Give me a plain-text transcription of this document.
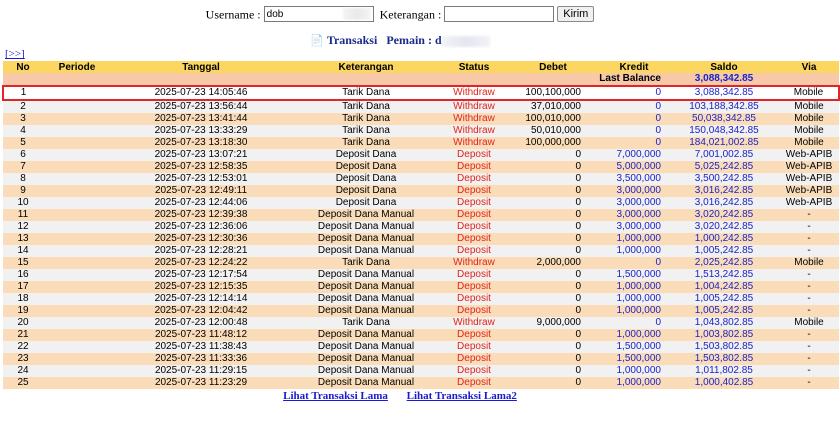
Username : dob	Keterangan :	Kirim
📄 Transaksi Pemain : d
[>>]
No	Periode	Tanggal	Keterangan	Status	Debet	Kredit	Saldo	Via
Last Balance							3,088,342.85	
1		2025-07-23 14:05:46	Tarik Dana	Withdraw	100,100,000	0	3,088,342.85	Mobile
2		2025-07-23 13:56:44	Tarik Dana	Withdraw	37,010,000	0	103,188,342.85	Mobile
3		2025-07-23 13:41:44	Tarik Dana	Withdraw	100,010,000	0	50,038,342.85	Mobile
4		2025-07-23 13:33:29	Tarik Dana	Withdraw	50,010,000	0	150,048,342.85	Mobile
5		2025-07-23 13:18:30	Tarik Dana	Withdraw	100,000,000	0	184,021,002.85	Mobile
6		2025-07-23 13:07:21	Deposit Dana	Deposit	0	7,000,000	7,001,002.85	Web-APIB
7		2025-07-23 12:58:35	Deposit Dana	Deposit	0	5,000,000	5,025,242.85	Web-APIB
8		2025-07-23 12:53:01	Deposit Dana	Deposit	0	3,500,000	3,500,242.85	Web-APIB
9		2025-07-23 12:49:11	Deposit Dana	Deposit	0	3,000,000	3,016,242.85	Web-APIB
10		2025-07-23 12:44:06	Deposit Dana	Deposit	0	3,000,000	3,016,242.85	Web-APIB
11		2025-07-23 12:39:38	Deposit Dana Manual	Deposit	0	3,000,000	3,020,242.85	-
12		2025-07-23 12:36:06	Deposit Dana Manual	Deposit	0	3,000,000	3,020,242.85	-
13		2025-07-23 12:30:36	Deposit Dana Manual	Deposit	0	1,000,000	1,000,242.85	-
14		2025-07-23 12:28:21	Deposit Dana Manual	Deposit	0	1,000,000	1,005,242.85	-
15		2025-07-23 12:24:22	Tarik Dana	Withdraw	2,000,000	0	2,025,242.85	Mobile
16		2025-07-23 12:17:54	Deposit Dana Manual	Deposit	0	1,500,000	1,513,242.85	-
17		2025-07-23 12:15:35	Deposit Dana Manual	Deposit	0	1,000,000	1,004,242.85	-
18		2025-07-23 12:14:14	Deposit Dana Manual	Deposit	0	1,000,000	1,005,242.85	-
19		2025-07-23 12:04:42	Deposit Dana Manual	Deposit	0	1,000,000	1,005,242.85	-
20		2025-07-23 12:00:48	Tarik Dana	Withdraw	9,000,000	0	1,043,802.85	Mobile
21		2025-07-23 11:48:12	Deposit Dana Manual	Deposit	0	1,000,000	1,003,802.85	-
22		2025-07-23 11:38:43	Deposit Dana Manual	Deposit	0	1,500,000	1,503,802.85	-
23		2025-07-23 11:33:36	Deposit Dana Manual	Deposit	0	1,500,000	1,503,802.85	-
24		2025-07-23 11:29:15	Deposit Dana Manual	Deposit	0	1,000,000	1,011,802.85	-
25		2025-07-23 11:23:29	Deposit Dana Manual	Deposit	0	1,000,000	1,000,402.85	-
Lihat Transaksi Lama Lihat Transaksi Lama2
